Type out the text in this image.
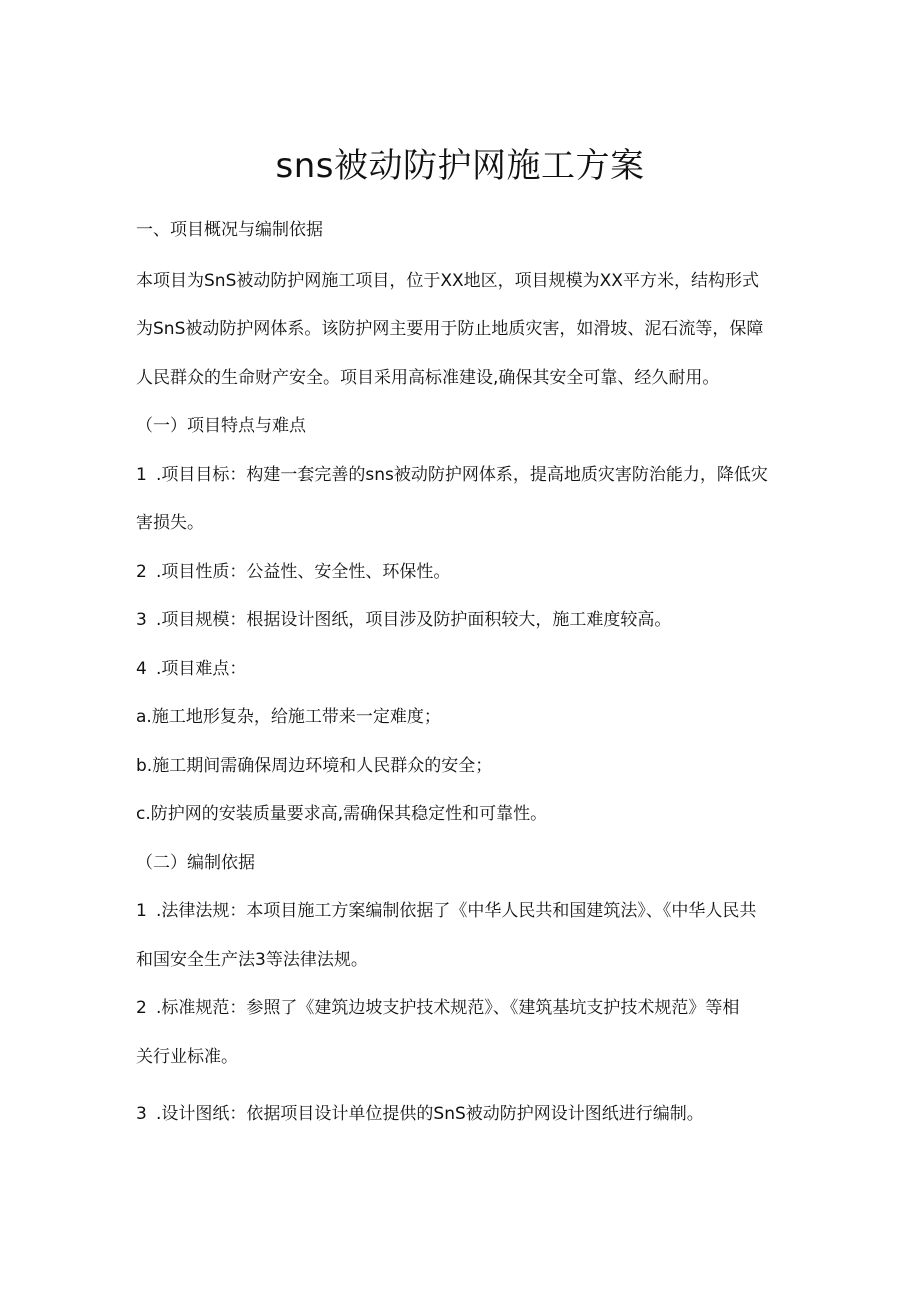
sns被动防护网施工方案

一、项目概况与编制依据

本项目为SnS被动防护网施工项目，位于XX地区，项目规模为XX平方米，结构形式

为SnS被动防护网体系。该防护网主要用于防止地质灾害，如滑坡、泥石流等，保障

人民群众的生命财产安全。项目采用高标准建设,确保其安全可靠、经久耐用。

（一）项目特点与难点

1 .项目目标：构建一套完善的sns被动防护网体系，提高地质灾害防治能力，降低灾

害损失。

2 .项目性质：公益性、安全性、环保性。

3 .项目规模：根据设计图纸，项目涉及防护面积较大，施工难度较高。

4 .项目难点：

a.施工地形复杂，给施工带来一定难度；

b.施工期间需确保周边环境和人民群众的安全；

c.防护网的安装质量要求高,需确保其稳定性和可靠性。

（二）编制依据

1 .法律法规：本项目施工方案编制依据了《中华人民共和国建筑法》、《中华人民共

和国安全生产法3等法律法规。

2 .标准规范：参照了《建筑边坡支护技术规范》、《建筑基坑支护技术规范》等相

关行业标准。

3 .设计图纸：依据项目设计单位提供的SnS被动防护网设计图纸进行编制。
